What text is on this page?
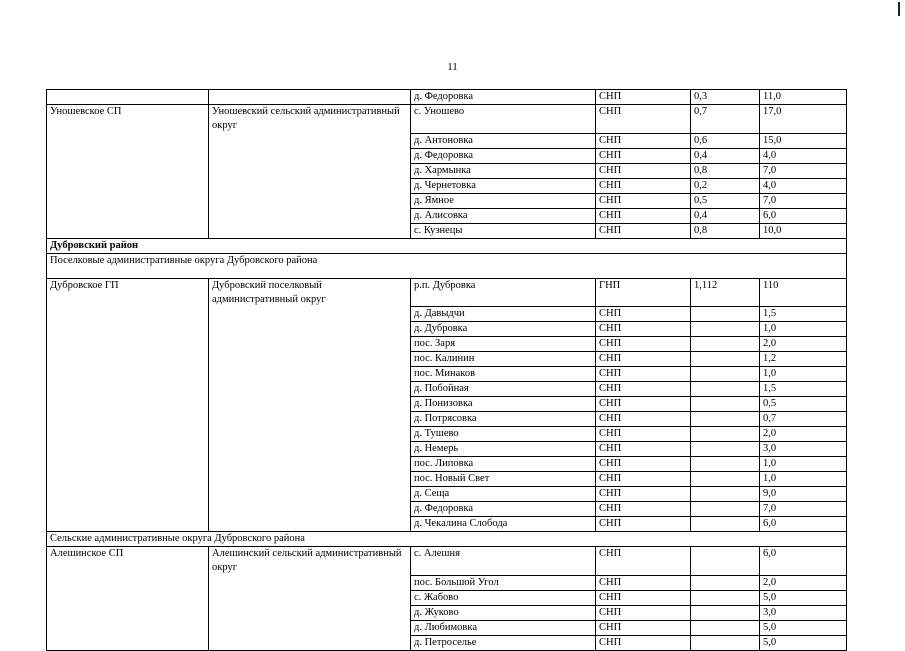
11
		д. Федоровка	СНП	0,3	11,0
Уношевское СП	Уношевский сельский административный округ	с. Уношево	СНП	0,7	17,0
		д. Антоновка	СНП	0,6	15,0
		д. Федоровка	СНП	0,4	4,0
		д. Хармынка	СНП	0,8	7,0
		д. Чернетовка	СНП	0,2	4,0
		д. Ямное	СНП	0,5	7,0
		д. Алисовка	СНП	0,4	6,0
		с. Кузнецы	СНП	0,8	10,0
Дубровский район					
Поселковые административные округа Дубровского района					
Дубровское ГП	Дубровский поселковый административный округ	р.п. Дубровка	ГНП	1,112	110
		д. Давыдчи	СНП		1,5
		д. Дубровка	СНП		1,0
		пос. Заря	СНП		2,0
		пос. Калинин	СНП		1,2
		пос. Минаков	СНП		1,0
		д. Побойная	СНП		1,5
		д. Понизовка	СНП		0,5
		д. Потрясовка	СНП		0,7
		д. Тушево	СНП		2,0
		д. Немерь	СНП		3,0
		пос. Липовка	СНП		1,0
		пос. Новый Свет	СНП		1,0
		д. Сеща	СНП		9,0
		д. Федоровка	СНП		7,0
		д. Чекалина Слобода	СНП		6,0
Сельские административные округа Дубровского района					
Алешинское СП	Алешинский сельский административный округ	с. Алешня	СНП		6,0
		пос. Большой Угол	СНП		2,0
		с. Жабово	СНП		5,0
		д. Жуково	СНП		3,0
		д. Любимовка	СНП		5,0
		д. Петроселье	СНП		5,0
